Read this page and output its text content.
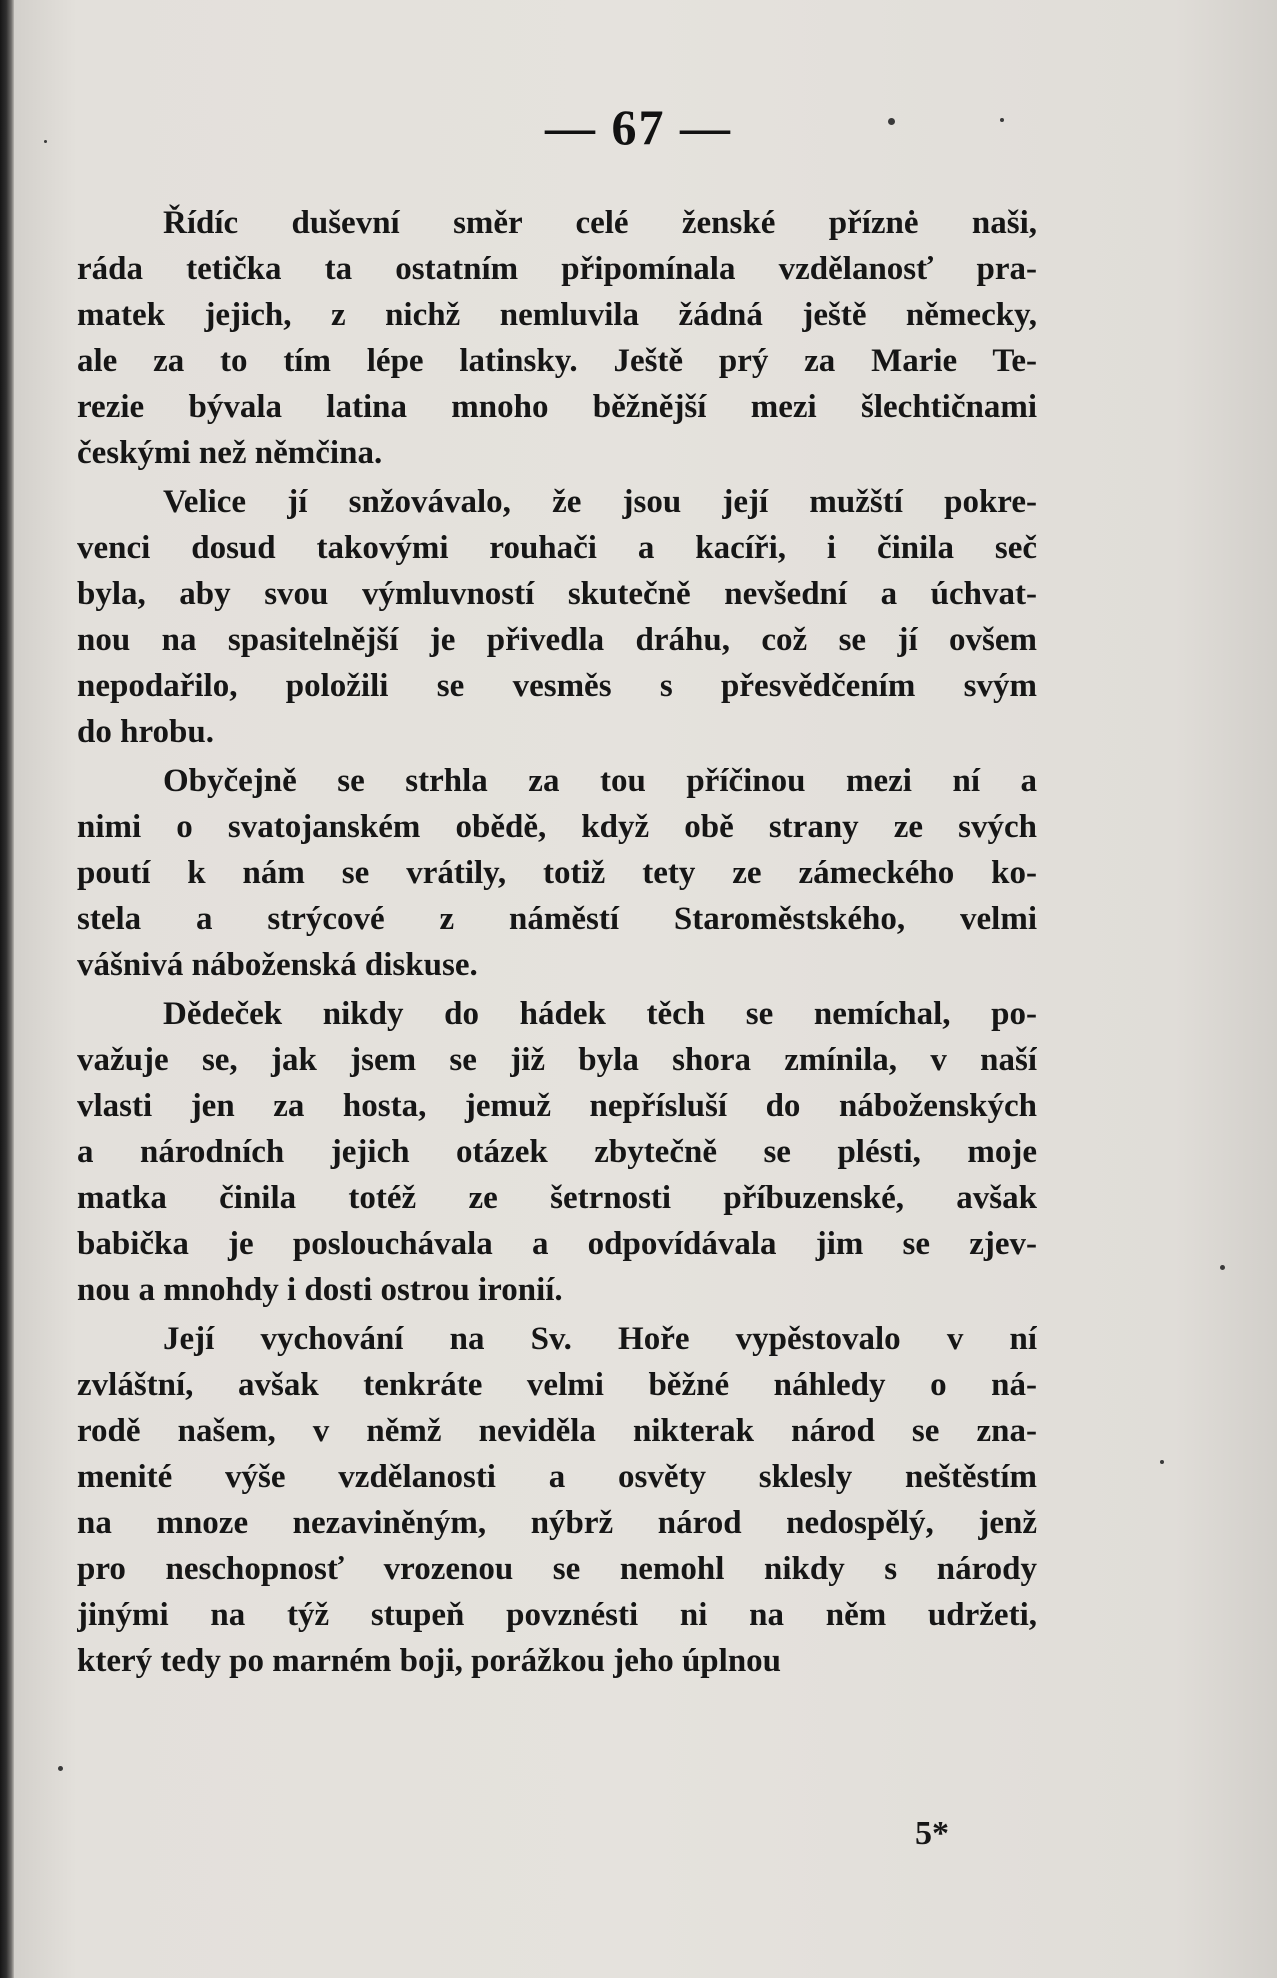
— 67 —

Řídíc duševní směr celé ženské příznė naši,
ráda tetička ta ostatním připomínala vzdělanosť pra-
matek jejich, z nichž nemluvila žádná ještě německy,
ale za to tím lépe latinsky. Ještě prý za Marie Te-
rezie bývala latina mnoho běžnější mezi šlechtičnami
českými než němčina.

Velice jí snžovávalo, že jsou její mužští pokre-
venci dosud takovými rouhači a kacíři, i činila seč
byla, aby svou výmluvností skutečně nevšední a úchvat-
nou na spasitelnější je přivedla dráhu, což se jí ovšem
nepodařilo, položili se vesměs s přesvědčením svým
do hrobu.

Obyčejně se strhla za tou příčinou mezi ní a
nimi o svatojanském obědě, když obě strany ze svých
poutí k nám se vrátily, totiž tety ze zámeckého ko-
stela a strýcové z náměstí Staroměstského, velmi
vášnivá náboženská diskuse.

Dědeček nikdy do hádek těch se nemíchal, po-
važuje se, jak jsem se již byla shora zmínila, v naší
vlasti jen za hosta, jemuž nepřísluší do náboženských
a národních jejich otázek zbytečně se plésti, moje
matka činila totéž ze šetrnosti příbuzenské, avšak
babička je poslouchávala a odpovídávala jim se zjev-
nou a mnohdy i dosti ostrou ironií.

Její vychování na Sv. Hoře vypěstovalo v ní
zvláštní, avšak tenkráte velmi běžné náhledy o ná-
rodě našem, v němž neviděla nikterak národ se zna-
menité výše vzdělanosti a osvěty sklesly neštěstím
na mnoze nezaviněným, nýbrž národ nedospělý, jenž
pro neschopnosť vrozenou se nemohl nikdy s národy
jinými na týž stupeň povznésti ni na něm udržeti,
který tedy po marném boji, porážkou jeho úplnou

5*
